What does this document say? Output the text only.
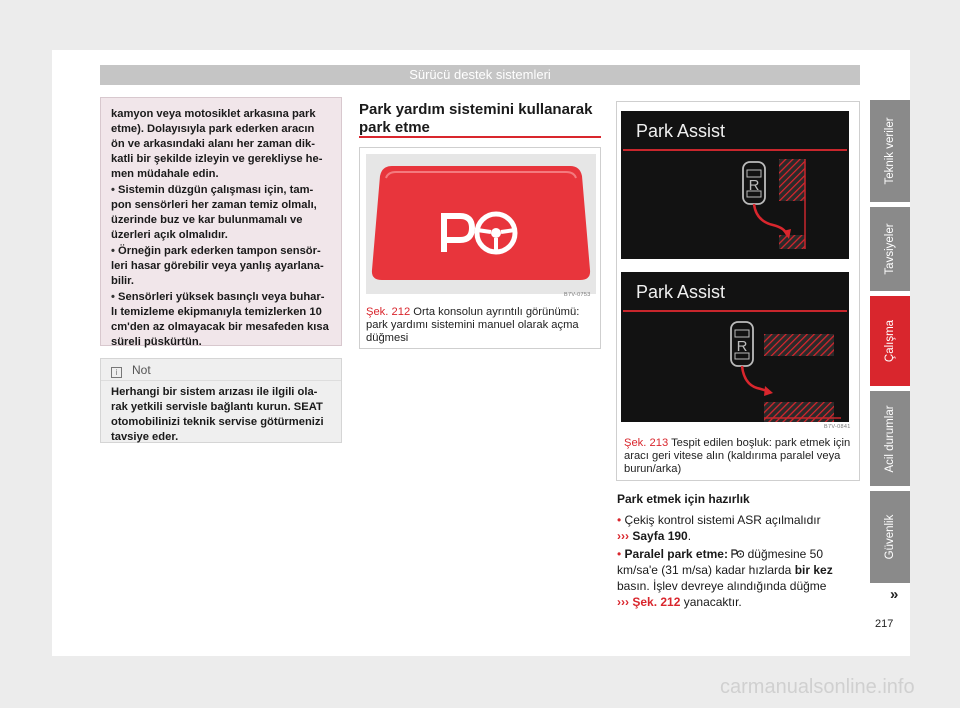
Sürücü destek sistemleri

kamyon veya motosiklet arkasına park etme). Dolayısıyla park ederken aracın ön ve arkasındaki alanı her zaman dik- katli bir şekilde izleyin ve gerekliyse he- men müdahale edin.

• Sistemin düzgün çalışması için, tam- pon sensörleri her zaman temiz olmalı, üzerinde buz ve kar bulunmamalı ve üzerleri açık olmalıdır.

• Örneğin park ederken tampon sensör- leri hasar görebilir veya yanlış ayarlana- bilir.

• Sensörleri yüksek basınçlı veya buhar- lı temizleme ekipmanıyla temizlerken 10 cm'den az olmayacak bir mesafeden kısa süreli püskürtün.

i Not
Herhangi bir sistem arızası ile ilgili ola- rak yetkili servisle bağlantı kurun. SEAT otomobilinizi teknik servise götürmenizi tavsiye eder.
Park yardım sistemini kullanarak park etme
B7V-0753
Şek. 212 Orta konsolun ayrıntılı görünümü: park yardımı sistemini manuel olarak açma düğmesi
Park Assist
R
Park Assist
R
B7V-0841
Şek. 213 Tespit edilen boşluk: park etmek için aracı geri vitese alın (kaldırıma paralel veya burun/arka)

Park etmek için hazırlık

• Çekiş kontrol sistemi ASR açılmalıdır
››› Sayfa 190.

• Paralel park etme: düğmesine 50 km/sa'e (31 m/sa) kadar hızlarda bir kez
basın. İşlev devreye alındığında düğme
››› Şek. 212 yanacaktır.

Teknik veriler
Tavsiyeler
Çalışma
Acil durumlar
Güvenlik
»
217
carmanualsonline.info
